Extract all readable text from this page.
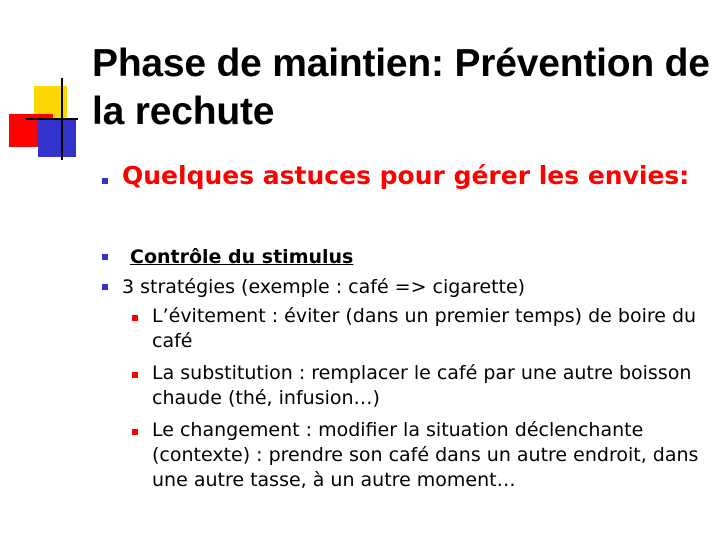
Phase de maintien: Prévention de la rechute
Quelques astuces pour gérer les envies:
Contrôle du stimulus
3 stratégies (exemple : café => cigarette)
L’évitement : éviter (dans un premier temps) de boire du café
La substitution : remplacer le café par une autre boisson chaude (thé, infusion…)
Le changement : modifier la situation déclenchante (contexte) : prendre son café dans un autre endroit, dans une autre tasse, à un autre moment…
